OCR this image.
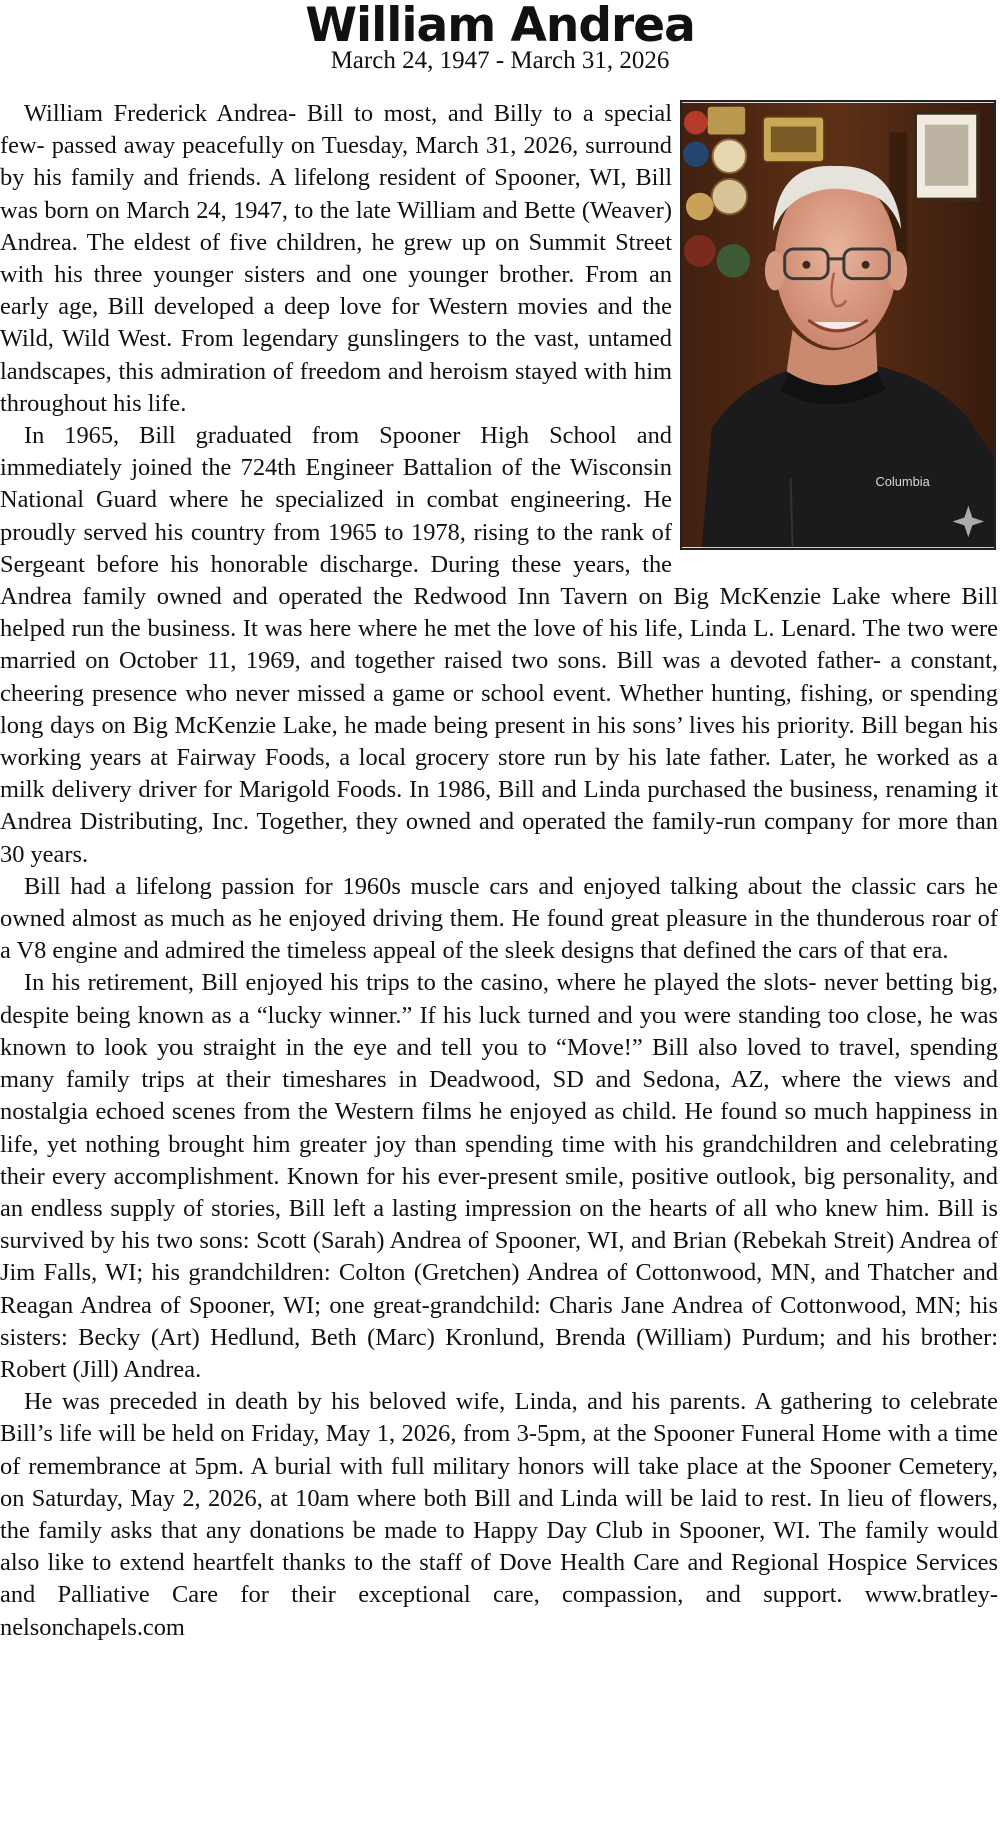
William Andrea
March 24, 1947 - March 31, 2026
Columbia

William Frederick Andrea- Bill to most, and Billy to a special few- passed away peacefully on Tuesday, March 31, 2026, surround by his family and friends. A lifelong resident of Spooner, WI, Bill was born on March 24, 1947, to the late William and Bette (Weaver) Andrea. The eldest of five children, he grew up on Summit Street with his three younger sisters and one younger brother. From an early age, Bill developed a deep love for Western movies and the Wild, Wild West. From legendary gunslingers to the vast, untamed landscapes, this admiration of freedom and heroism stayed with him throughout his life.

In 1965, Bill graduated from Spooner High School and immediately joined the 724th Engineer Battalion of the Wisconsin National Guard where he specialized in combat engineering. He proudly served his country from 1965 to 1978, rising to the rank of Sergeant before his honorable discharge. During these years, the Andrea family owned and operated the Redwood Inn Tavern on Big McKenzie Lake where Bill helped run the business. It was here where he met the love of his life, Linda L. Lenard. The two were married on October 11, 1969, and together raised two sons. Bill was a devoted father- a constant, cheering presence who never missed a game or school event. Whether hunting, fishing, or spending long days on Big McKenzie Lake, he made being present in his sons’ lives his priority. Bill began his working years at Fairway Foods, a local grocery store run by his late father. Later, he worked as a milk delivery driver for Marigold Foods. In 1986, Bill and Linda purchased the business, renaming it Andrea Distributing, Inc. Together, they owned and operated the family-run company for more than 30 years.

Bill had a lifelong passion for 1960s muscle cars and enjoyed talking about the classic cars he owned almost as much as he enjoyed driving them. He found great pleasure in the thunderous roar of a V8 engine and admired the timeless appeal of the sleek designs that defined the cars of that era.

In his retirement, Bill enjoyed his trips to the casino, where he played the slots- never betting big, despite being known as a “lucky winner.” If his luck turned and you were standing too close, he was known to look you straight in the eye and tell you to “Move!” Bill also loved to travel, spending many family trips at their timeshares in Deadwood, SD and Sedona, AZ, where the views and nostalgia echoed scenes from the Western films he enjoyed as child. He found so much happiness in life, yet nothing brought him greater joy than spending time with his grandchildren and celebrating their every accomplishment. Known for his ever-present smile, positive outlook, big personality, and an endless supply of stories, Bill left a lasting impression on the hearts of all who knew him. Bill is survived by his two sons: Scott (Sarah) Andrea of Spooner, WI, and Brian (Rebekah Streit) Andrea of Jim Falls, WI; his grandchildren: Colton (Gretchen) Andrea of Cottonwood, MN, and Thatcher and Reagan Andrea of Spooner, WI; one great-grandchild: Charis Jane Andrea of Cottonwood, MN; his sisters: Becky (Art) Hedlund, Beth (Marc) Kronlund, Brenda (William) Purdum; and his brother: Robert (Jill) Andrea.

He was preceded in death by his beloved wife, Linda, and his parents. A gathering to celebrate Bill’s life will be held on Friday, May 1, 2026, from 3-5pm, at the Spooner Funeral Home with a time of remembrance at 5pm. A burial with full military honors will take place at the Spooner Cemetery, on Saturday, May 2, 2026, at 10am where both Bill and Linda will be laid to rest. In lieu of flowers, the family asks that any donations be made to Happy Day Club in Spooner, WI. The family would also like to extend heartfelt thanks to the staff of Dove Health Care and Regional Hospice Services and Palliative Care for their exceptional care, compassion, and support. www.bratley-nelsonchapels.com
